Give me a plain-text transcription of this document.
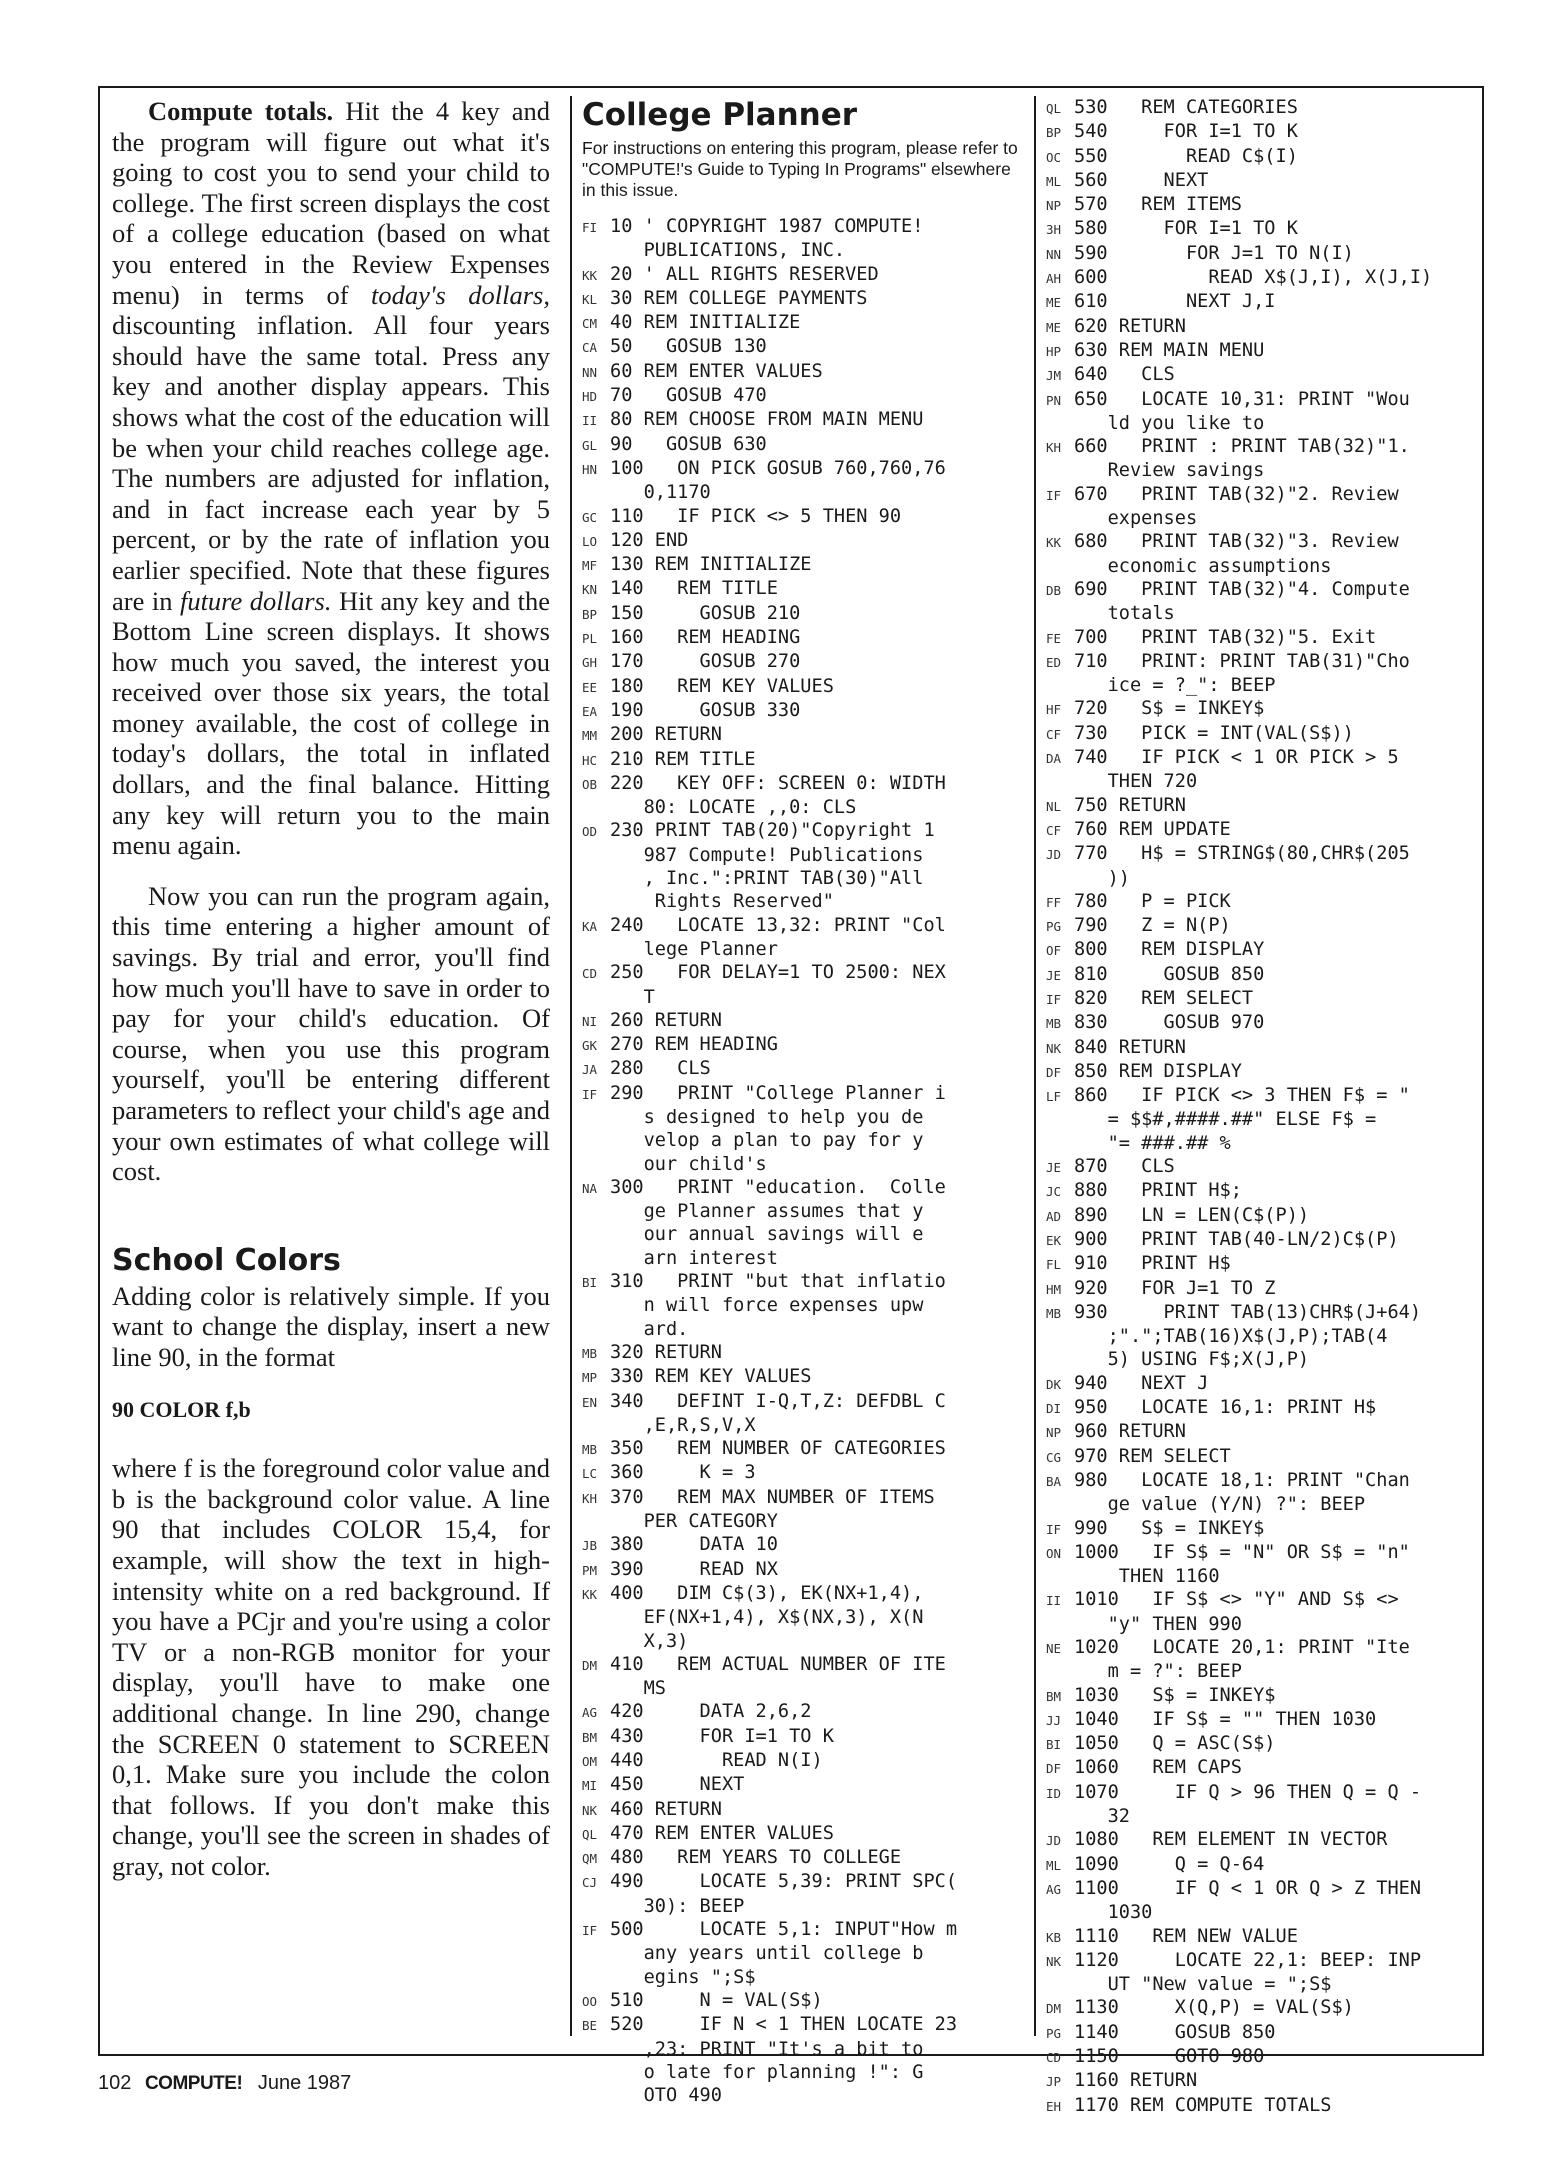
Compute totals. Hit the 4 key and the program will figure out what it's going to cost you to send your child to college. The first screen displays the cost of a college education (based on what you entered in the Review Expenses menu) in terms of today's dollars, discounting inflation. All four years should have the same total. Press any key and another display appears. This shows what the cost of the education will be when your child reaches college age. The numbers are adjusted for inflation, and in fact increase each year by 5 percent, or by the rate of inflation you earlier specified. Note that these figures are in future dollars. Hit any key and the Bottom Line screen displays. It shows how much you saved, the interest you received over those six years, the total money available, the cost of college in today's dollars, the total in inflated dollars, and the final balance. Hitting any key will return you to the main menu again.

Now you can run the program again, this time entering a higher amount of savings. By trial and error, you'll find how much you'll have to save in order to pay for your child's education. Of course, when you use this program yourself, you'll be entering different parameters to reflect your child's age and your own estimates of what college will cost.

School Colors

Adding color is relatively simple. If you want to change the display, insert a new line 90, in the format

90 COLOR f,b

where f is the foreground color value and b is the background color value. A line 90 that includes COLOR 15,4, for example, will show the text in high-intensity white on a red background. If you have a PCjr and you're using a color TV or a non-RGB monitor for your display, you'll have to make one additional change. In line 290, change the SCREEN 0 statement to SCREEN 0,1. Make sure you include the colon that follows. If you don't make this change, you'll see the screen in shades of gray, not color.

College Planner

For instructions on entering this program, please refer to "COMPUTE!'s Guide to Typing In Programs" elsewhere in this issue.

FI 10 ' COPYRIGHT 1987 COMPUTE!
PUBLICATIONS, INC.
KK 20 ' ALL RIGHTS RESERVED
KL 30 REM COLLEGE PAYMENTS
CM 40 REM INITIALIZE
CA 50   GOSUB 130
NN 60 REM ENTER VALUES
HD 70   GOSUB 470
II 80 REM CHOOSE FROM MAIN MENU
GL 90   GOSUB 630
HN 100   ON PICK GOSUB 760,760,76
0,1170
GC 110   IF PICK <> 5 THEN 90
LO 120 END
MF 130 REM INITIALIZE
KN 140   REM TITLE
BP 150     GOSUB 210
PL 160   REM HEADING
GH 170     GOSUB 270
EE 180   REM KEY VALUES
EA 190     GOSUB 330
MM 200 RETURN
HC 210 REM TITLE
OB 220   KEY OFF: SCREEN 0: WIDTH
80: LOCATE ,,0: CLS
OD 230 PRINT TAB(20)"Copyright 1
987 Compute! Publications
, Inc.":PRINT TAB(30)"All
Rights Reserved"
KA 240   LOCATE 13,32: PRINT "Col
lege Planner
CD 250   FOR DELAY=1 TO 2500: NEX
T
NI 260 RETURN
GK 270 REM HEADING
JA 280   CLS
IF 290   PRINT "College Planner i
s designed to help you de
velop a plan to pay for y
our child's
NA 300   PRINT "education.  Colle
ge Planner assumes that y
our annual savings will e
arn interest
BI 310   PRINT "but that inflatio
n will force expenses upw
ard.
MB 320 RETURN
MP 330 REM KEY VALUES
EN 340   DEFINT I-Q,T,Z: DEFDBL C
,E,R,S,V,X
MB 350   REM NUMBER OF CATEGORIES
LC 360     K = 3
KH 370   REM MAX NUMBER OF ITEMS
PER CATEGORY
JB 380     DATA 10
PM 390     READ NX
KK 400   DIM C$(3), EK(NX+1,4),
EF(NX+1,4), X$(NX,3), X(N
X,3)
DM 410   REM ACTUAL NUMBER OF ITE
MS
AG 420     DATA 2,6,2
BM 430     FOR I=1 TO K
OM 440       READ N(I)
MI 450     NEXT
NK 460 RETURN
QL 470 REM ENTER VALUES
QM 480   REM YEARS TO COLLEGE
CJ 490     LOCATE 5,39: PRINT SPC(
30): BEEP
IF 500     LOCATE 5,1: INPUT"How m
any years until college b
egins ";S$
OO 510     N = VAL(S$)
BE 520     IF N < 1 THEN LOCATE 23
,23: PRINT "It's a bit to
o late for planning !": G
OTO 490
QL 530   REM CATEGORIES
BP 540     FOR I=1 TO K
OC 550       READ C$(I)
ML 560     NEXT
NP 570   REM ITEMS
3H 580     FOR I=1 TO K
NN 590       FOR J=1 TO N(I)
AH 600         READ X$(J,I), X(J,I)
ME 610       NEXT J,I
ME 620 RETURN
HP 630 REM MAIN MENU
JM 640   CLS
PN 650   LOCATE 10,31: PRINT "Wou
ld you like to
KH 660   PRINT : PRINT TAB(32)"1.
Review savings
IF 670   PRINT TAB(32)"2. Review
expenses
KK 680   PRINT TAB(32)"3. Review
economic assumptions
DB 690   PRINT TAB(32)"4. Compute
totals
FE 700   PRINT TAB(32)"5. Exit
ED 710   PRINT: PRINT TAB(31)"Cho
ice = ?_": BEEP
HF 720   S$ = INKEY$
CF 730   PICK = INT(VAL(S$))
DA 740   IF PICK < 1 OR PICK > 5
THEN 720
NL 750 RETURN
CF 760 REM UPDATE
JD 770   H$ = STRING$(80,CHR$(205
))
FF 780   P = PICK
PG 790   Z = N(P)
OF 800   REM DISPLAY
JE 810     GOSUB 850
IF 820   REM SELECT
MB 830     GOSUB 970
NK 840 RETURN
DF 850 REM DISPLAY
LF 860   IF PICK <> 3 THEN F$ = "
= $$#,####.##" ELSE F$ =
"= ###.## %
JE 870   CLS
JC 880   PRINT H$;
AD 890   LN = LEN(C$(P))
EK 900   PRINT TAB(40-LN/2)C$(P)
FL 910   PRINT H$
HM 920   FOR J=1 TO Z
MB 930     PRINT TAB(13)CHR$(J+64)
;".";TAB(16)X$(J,P);TAB(4
5) USING F$;X(J,P)
DK 940   NEXT J
DI 950   LOCATE 16,1: PRINT H$
NP 960 RETURN
CG 970 REM SELECT
BA 980   LOCATE 18,1: PRINT "Chan
ge value (Y/N) ?": BEEP
IF 990   S$ = INKEY$
ON 1000   IF S$ = "N" OR S$ = "n"
THEN 1160
II 1010   IF S$ <> "Y" AND S$ <>
"y" THEN 990
NE 1020   LOCATE 20,1: PRINT "Ite
m = ?": BEEP
BM 1030   S$ = INKEY$
JJ 1040   IF S$ = "" THEN 1030
BI 1050   Q = ASC(S$)
DF 1060   REM CAPS
ID 1070     IF Q > 96 THEN Q = Q -
32
JD 1080   REM ELEMENT IN VECTOR
ML 1090     Q = Q-64
AG 1100     IF Q < 1 OR Q > Z THEN
1030
KB 1110   REM NEW VALUE
NK 1120     LOCATE 22,1: BEEP: INP
UT "New value = ";S$
DM 1130     X(Q,P) = VAL(S$)
PG 1140     GOSUB 850
CD 1150     GOTO 980
JP 1160 RETURN
EH 1170 REM COMPUTE TOTALS
102 COMPUTE! June 1987
